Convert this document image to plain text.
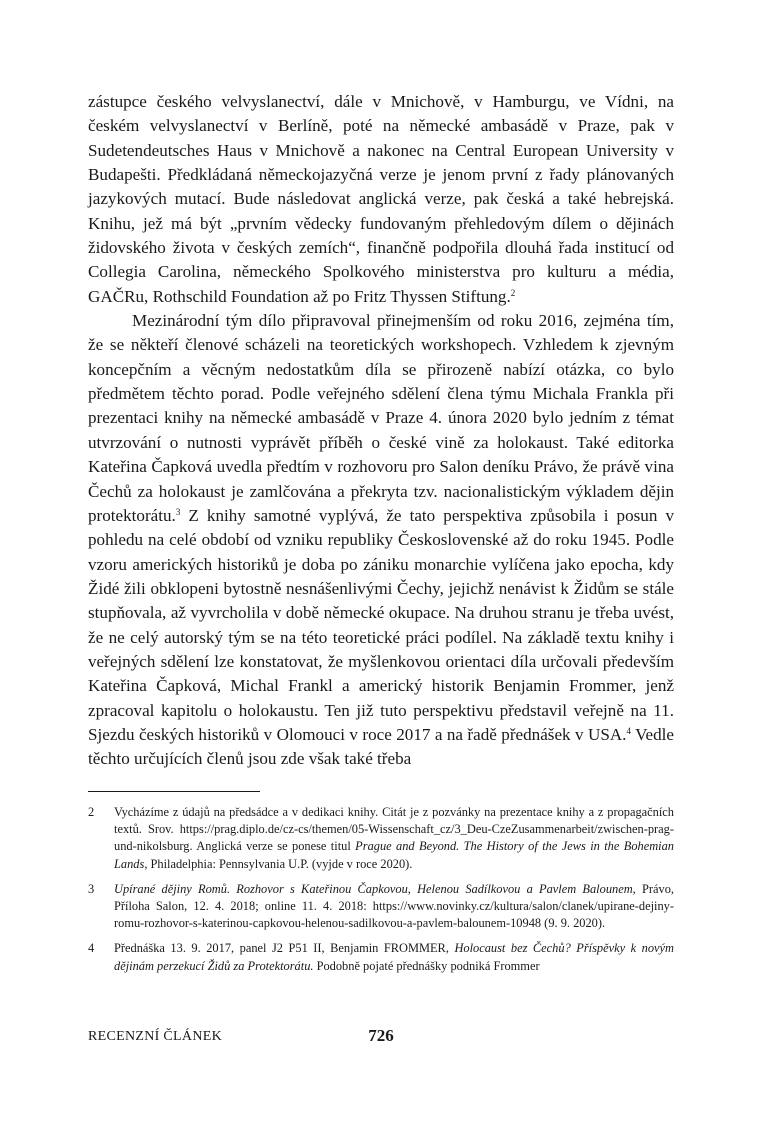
zástupce českého velvyslanectví, dále v Mnichově, v Hamburgu, ve Vídni, na českém velvyslanectví v Berlíně, poté na německé ambasádě v Praze, pak v Sudetendeutsches Haus v Mnichově a nakonec na Central European University v Budapešti. Předkládaná německojazyčná verze je jenom první z řady plánovaných jazykových mutací. Bude následovat anglická verze, pak česká a také hebrejská. Knihu, jež má být „prvním vědecky fundovaným přehledovým dílem o dějinách židovského života v českých zemích“, finančně podpořila dlouhá řada institucí od Collegia Carolina, německého Spolkového ministerstva pro kulturu a média, GAČRu, Rothschild Foundation až po Fritz Thyssen Stiftung.$^2$

Mezinárodní tým dílo připravoval přinejmenším od roku 2016, zejména tím, že se někteří členové scházeli na teoretických workshopech. Vzhledem k zjevným koncepčním a věcným nedostatkům díla se přirozeně nabízí otázka, co bylo předmětem těchto porad. Podle veřejného sdělení člena týmu Michala Frankla při prezentaci knihy na německé ambasádě v Praze 4. února 2020 bylo jedním z témat utvrzování o nutnosti vyprávět příběh o české vině za holokaust. Také editorka Kateřina Čapková uvedla předtím v rozhovoru pro Salon deníku Právo, že právě vina Čechů za holokaust je zamlčována a překryta tzv. nacionalistickým výkladem dějin protektorátu.$^3$ Z knihy samotné vyplývá, že tato perspektiva způsobila i posun v pohledu na celé období od vzniku republiky Československé až do roku 1945. Podle vzoru amerických historiků je doba po zániku monarchie vylíčena jako epocha, kdy Židé žili obklopeni bytostně nesnášenlivými Čechy, jejichž nenávist k Židům se stále stupňovala, až vyvrcholila v době německé okupace. Na druhou stranu je třeba uvést, že ne celý autorský tým se na této teoretické práci podílel. Na základě textu knihy i veřejných sdělení lze konstatovat, že myšlenkovou orientaci díla určovali především Kateřina Čapková, Michal Frankl a americký historik Benjamin Frommer, jenž zpracoval kapitolu o holokaustu. Ten již tuto perspektivu představil veřejně na 11. Sjezdu českých historiků v Olomouci v roce 2017 a na řadě přednášek v USA.$^4$ Vedle těchto určujících členů jsou zde však také třeba

2 Vycházíme z údajů na předsádce a v dedikaci knihy. Citát je z pozvánky na prezentace knihy a z propagačních textů. Srov. https://prag.diplo.de/cz-cs/themen/05-Wissenschaft_cz/3_Deu-CzeZusammenarbeit/zwischen-prag-und-nikolsburg. Anglická verze se ponese titul Prague and Beyond. The History of the Jews in the Bohemian Lands, Philadelphia: Pennsylvania U.P. (vyjde v roce 2020).
3 Upírané dějiny Romů. Rozhovor s Kateřinou Čapkovou, Helenou Sadílkovou a Pavlem Balounem, Právo, Příloha Salon, 12. 4. 2018; online 11. 4. 2018: https://www.novinky.cz/kultura/salon/clanek/upirane-dejiny-romu-rozhovor-s-katerinou-capkovou-helenou-sadilkovou-a-pavlem-balounem-10948 (9. 9. 2020).
4 Přednáška 13. 9. 2017, panel J2 P51 II, Benjamin FROMMER, Holocaust bez Čechů? Příspěvky k novým dějinám perzekucí Židů za Protektorátu. Podobně pojaté přednášky podniká Frommer
RECENZNÍ ČLÁNEK	726
